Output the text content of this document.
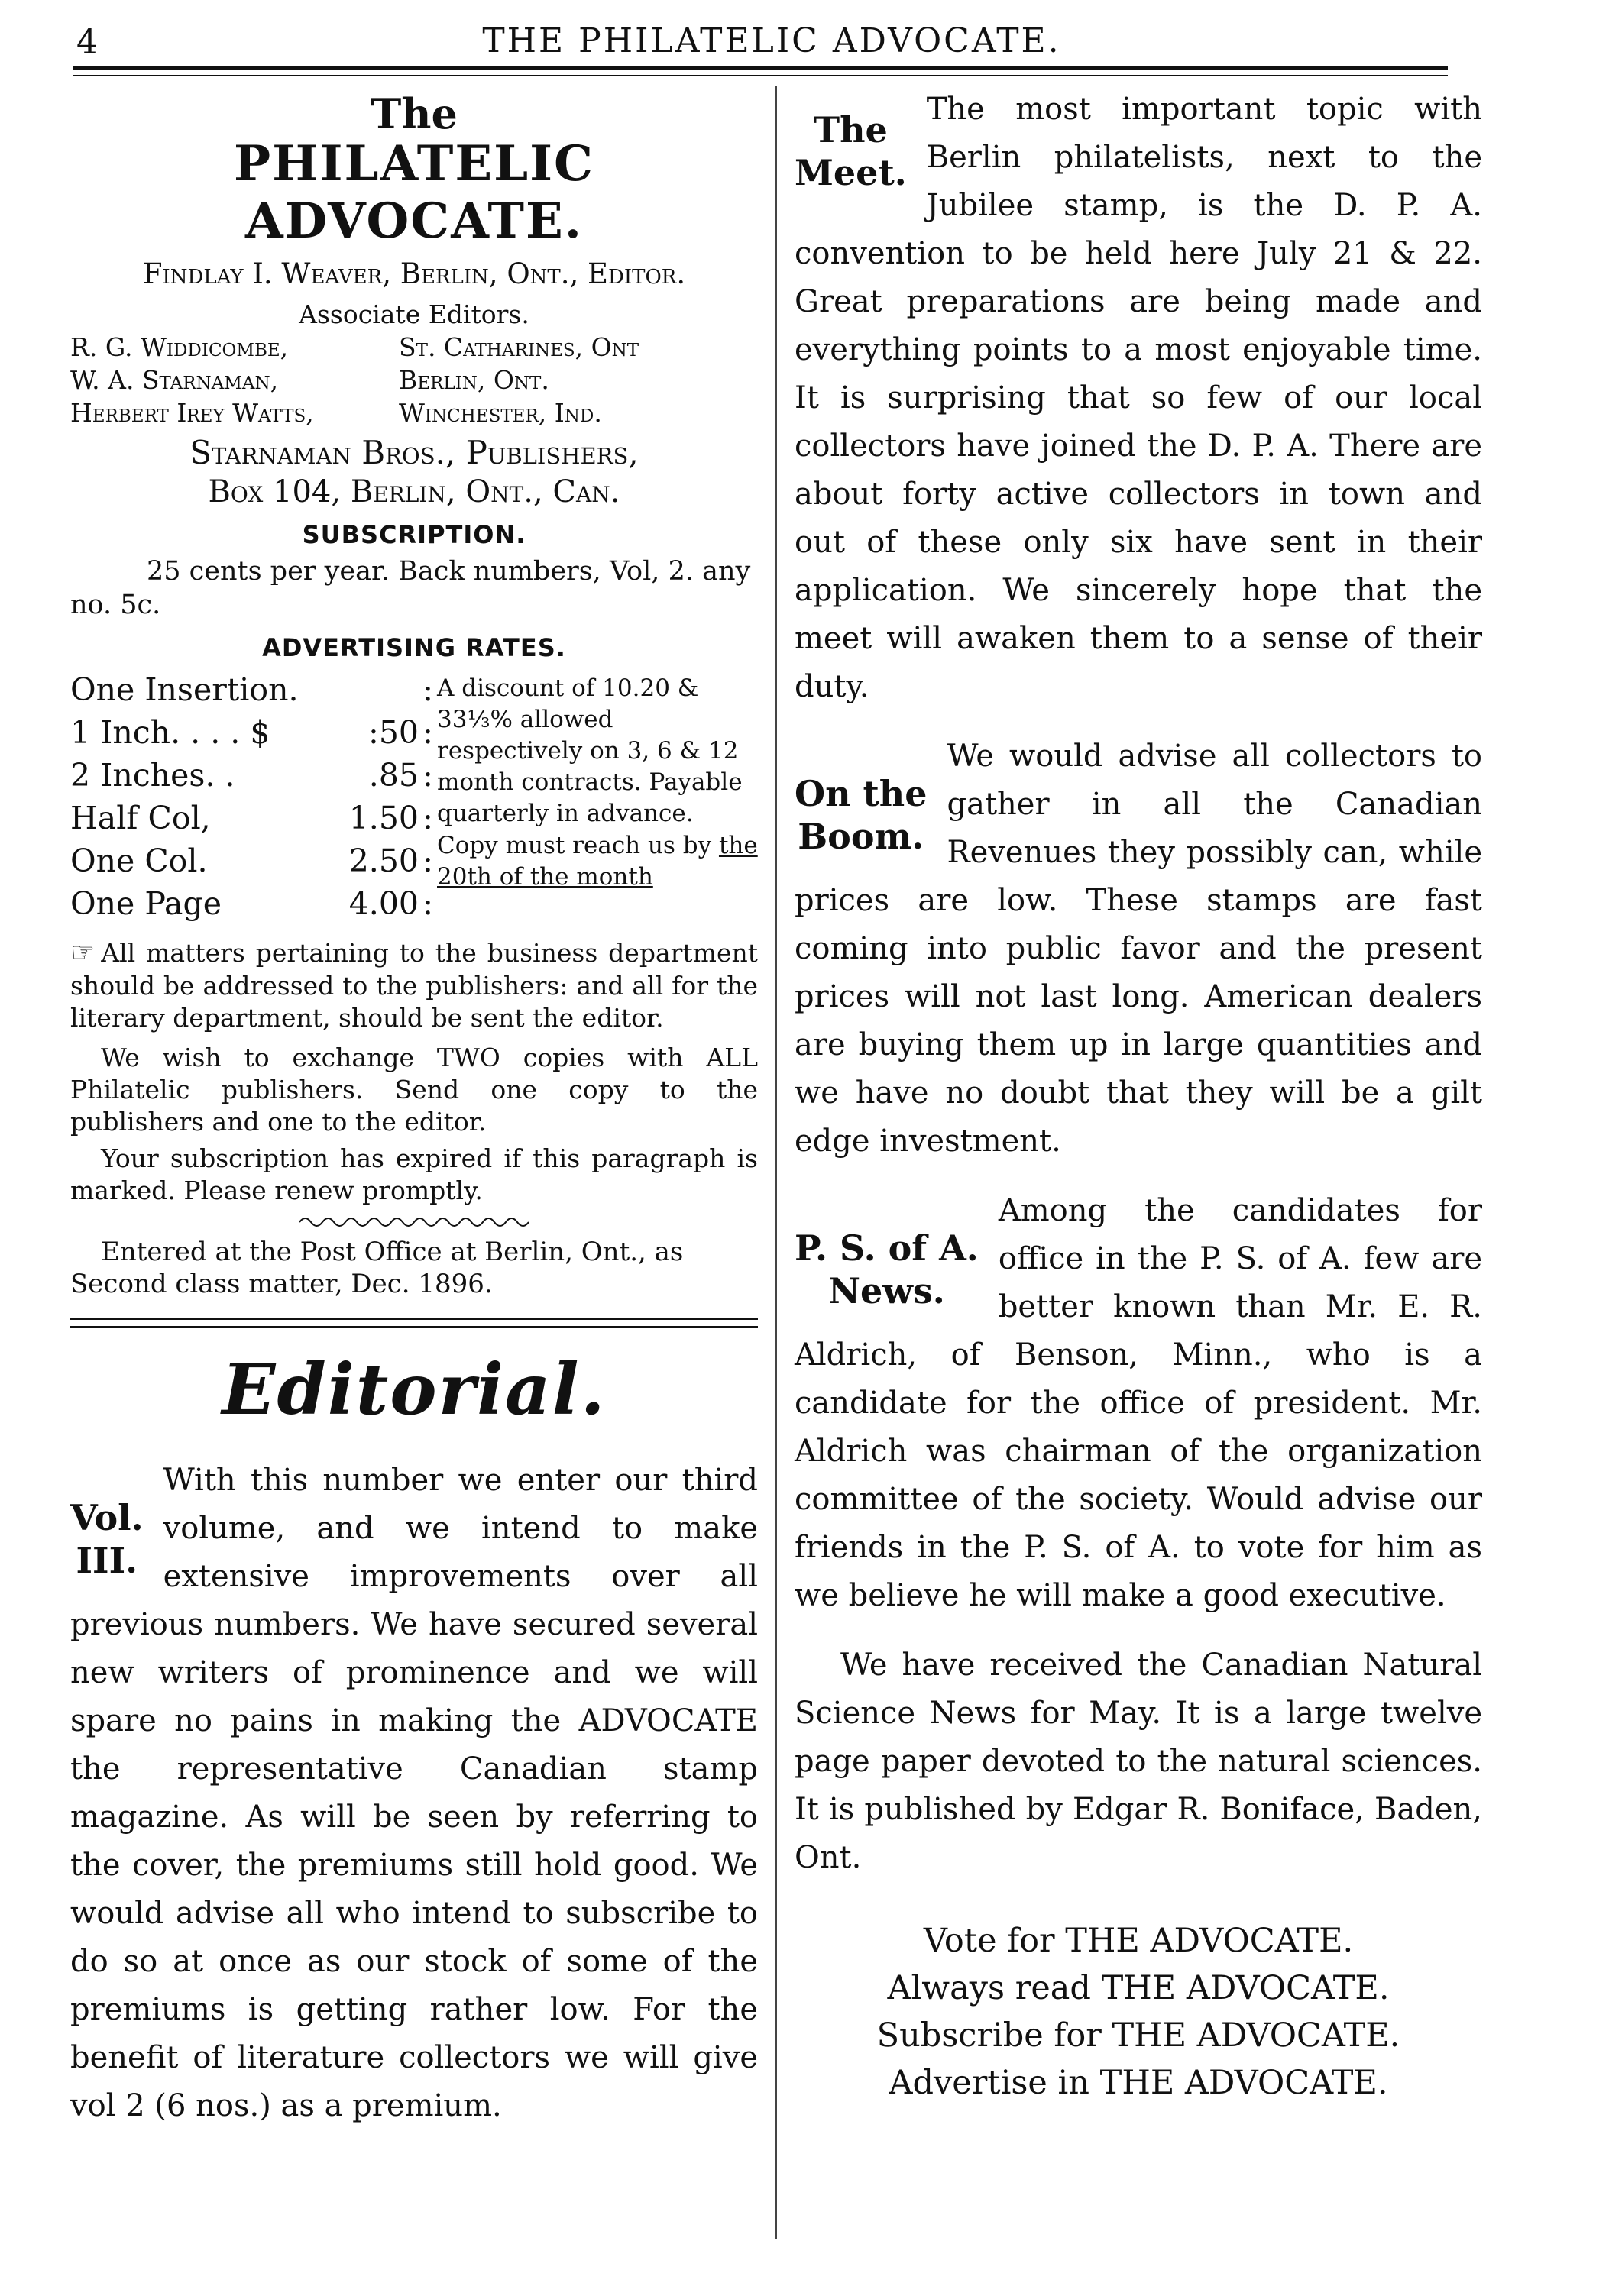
4	THE PHILATELIC ADVOCATE.
The
PHILATELIC ADVOCATE.
Findlay I. Weaver, Berlin, Ont., Editor.
Associate Editors.
R. G. Widdicombe,	St. Catharines, Ont
W. A. Starnaman,	Berlin, Ont.
Herbert Irey Watts,	Winchester, Ind.
Starnaman Bros., Publishers,
Box 104, Berlin, Ont., Can.
SUBSCRIPTION.
25 cents per year. Back numbers, Vol, 2. any no. 5c.
ADVERTISING RATES.
One Insertion.	:
1 Inch. . . . $	:50 :
2 Inches. .	.85 :
Half Col,	1.50 :
One Col.	2.50 :
One Page	4.00 :
A discount of 10.20 & 33⅓% allowed respectively on 3, 6 & 12 month contracts. Payable quarterly in advance. Copy must reach us by the 20th of the month
☞ All matters pertaining to the business department should be addressed to the publishers: and all for the literary department, should be sent the editor.
We wish to exchange TWO copies with ALL Philatelic publishers. Send one copy to the publishers and one to the editor.
Your subscription has expired if this paragraph is marked. Please renew promptly.
Entered at the Post Office at Berlin, Ont., as Second class matter, Dec. 1896.
Editorial.
Vol.
III.
With this number we enter our third volume, and we intend to make extensive improvements over all previous numbers. We have secured several new writers of prominence and we will spare no pains in making the ADVOCATE the representative Canadian stamp magazine. As will be seen by referring to the cover, the premiums still hold good. We would advise all who intend to subscribe to do so at once as our stock of some of the premiums is getting rather low. For the benefit of literature collectors we will give vol 2 (6 nos.) as a premium.
The
Meet.
The most important topic with Berlin philatelists, next to the Jubilee stamp, is the D. P. A. convention to be held here July 21 & 22. Great preparations are being made and everything points to a most enjoyable time. It is surprising that so few of our local collectors have joined the D. P. A. There are about forty active collectors in town and out of these only six have sent in their application. We sincerely hope that the meet will awaken them to a sense of their duty.
On the
Boom.
We would advise all collectors to gather in all the Canadian Revenues they possibly can, while prices are low. These stamps are fast coming into public favor and the present prices will not last long. American dealers are buying them up in large quantities and we have no doubt that they will be a gilt edge investment.
P. S. of A.
News.
Among the candidates for office in the P. S. of A. few are better known than Mr. E. R. Aldrich, of Benson, Minn., who is a candidate for the office of president. Mr. Aldrich was chairman of the organization committee of the society. Would advise our friends in the P. S. of A. to vote for him as we believe he will make a good executive.
We have received the Canadian Natural Science News for May. It is a large twelve page paper devoted to the natural sciences. It is published by Edgar R. Boniface, Baden, Ont.
Vote for THE ADVOCATE.
Always read THE ADVOCATE.
Subscribe for THE ADVOCATE.
Advertise in THE ADVOCATE.
